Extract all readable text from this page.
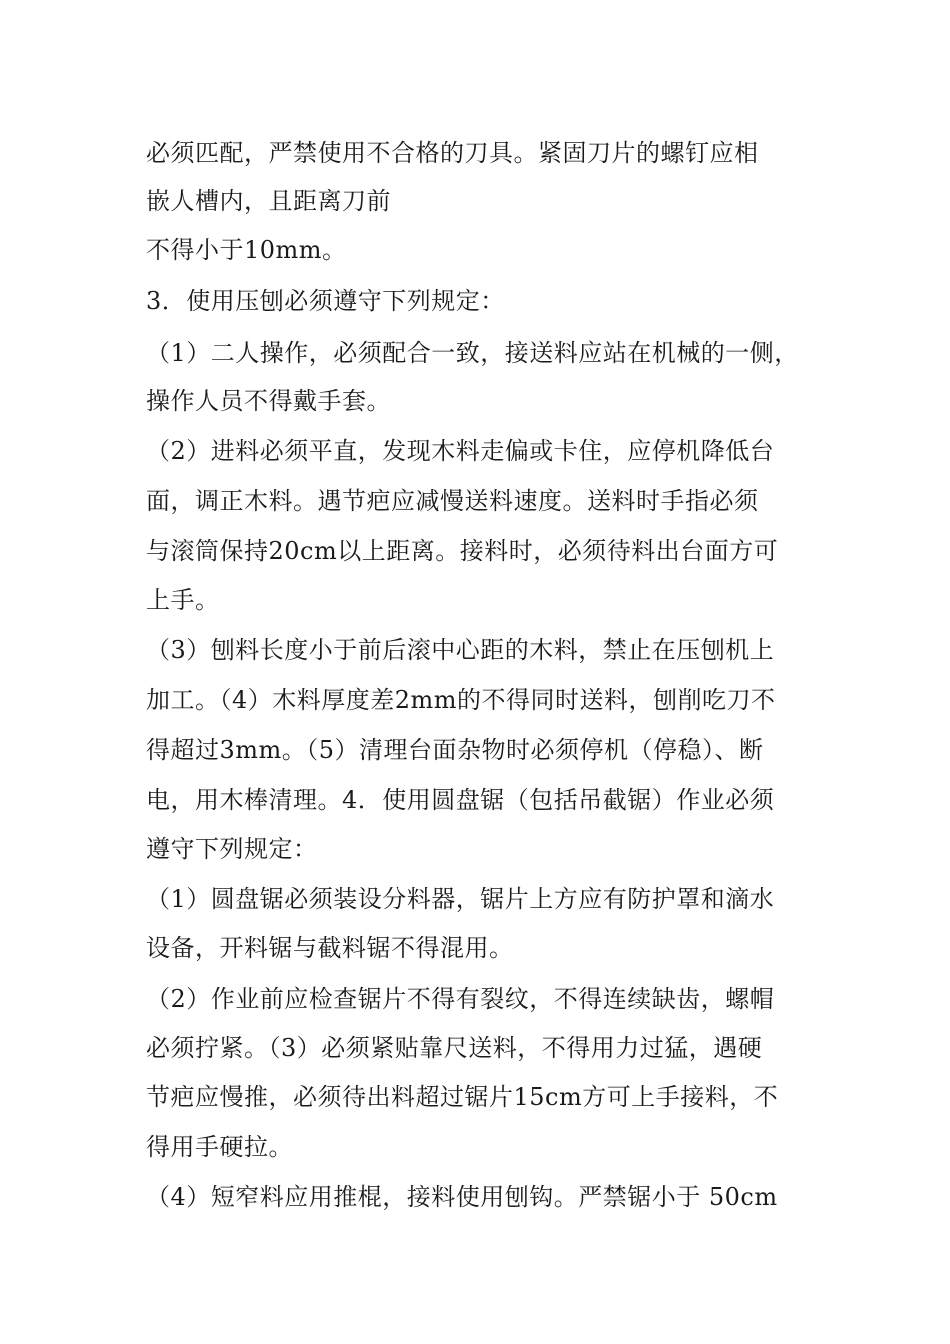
必须匹配，严禁使用不合格的刀具。紧固刀片的螺钉应相
嵌人槽内，且距离刀前
不得小于10mm。
3．使用压刨必须遵守下列规定：
（1）二人操作，必须配合一致，接送料应站在机械的一侧，
操作人员不得戴手套。
（2）进料必须平直，发现木料走偏或卡住，应停机降低台
面，调正木料。遇节疤应减慢送料速度。送料时手指必须
与滚筒保持20cm以上距离。接料时，必须待料出台面方可
上手。
（3）刨料长度小于前后滚中心距的木料，禁止在压刨机上
加工。（4）木料厚度差2mm的不得同时送料，刨削吃刀不
得超过3mm。（5）清理台面杂物时必须停机（停稳）、断
电，用木棒清理。4．使用圆盘锯（包括吊截锯）作业必须
遵守下列规定：
（1）圆盘锯必须装设分料器，锯片上方应有防护罩和滴水
设备，开料锯与截料锯不得混用。
（2）作业前应检查锯片不得有裂纹，不得连续缺齿，螺帽
必须拧紧。（3）必须紧贴靠尺送料，不得用力过猛，遇硬
节疤应慢推，必须待出料超过锯片15cm方可上手接料，不
得用手硬拉。
（4）短窄料应用推棍，接料使用刨钩。严禁锯小于 50cm
